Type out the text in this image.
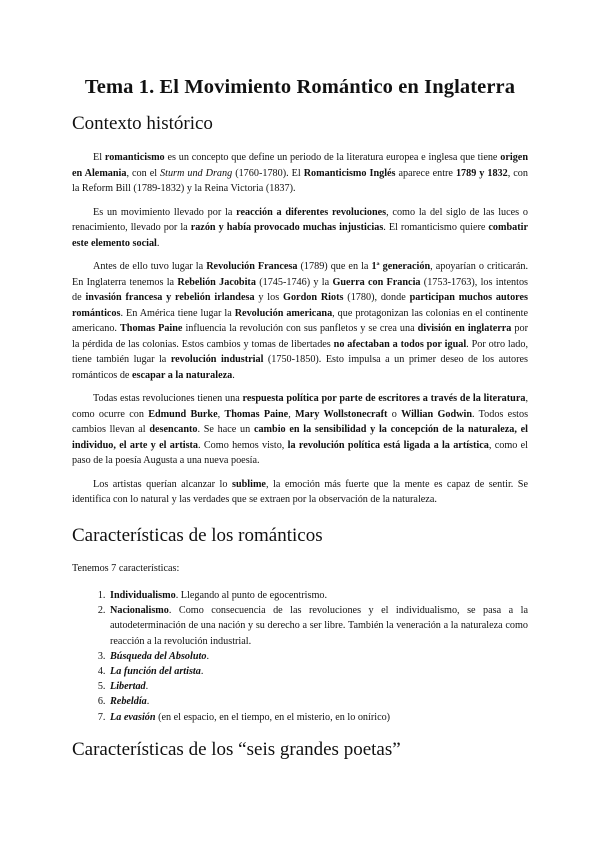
Tema 1. El Movimiento Romántico en Inglaterra
Contexto histórico

El romanticismo es un concepto que define un periodo de la literatura europea e inglesa que tiene origen en Alemania, con el Sturm und Drang (1760-1780). El Romanticismo Inglés aparece entre 1789 y 1832, con la Reform Bill (1789-1832) y la Reina Victoria (1837).

Es un movimiento llevado por la reacción a diferentes revoluciones, como la del siglo de las luces o renacimiento, llevado por la razón y había provocado muchas injusticias. El romanticismo quiere combatir este elemento social.

Antes de ello tuvo lugar la Revolución Francesa (1789) que en la 1ª generación, apoyarían o criticarán. En Inglaterra tenemos la Rebelión Jacobita (1745-1746) y la Guerra con Francia (1753-1763), los intentos de invasión francesa y rebelión irlandesa y los Gordon Riots (1780), donde participan muchos autores románticos. En América tiene lugar la Revolución americana, que protagonizan las colonias en el continente americano. Thomas Paine influencia la revolución con sus panfletos y se crea una división en inglaterra por la pérdida de las colonias. Estos cambios y tomas de libertades no afectaban a todos por igual. Por otro lado, tiene también lugar la revolución industrial (1750-1850). Esto impulsa a un primer deseo de los autores románticos de escapar a la naturaleza.

Todas estas revoluciones tienen una respuesta política por parte de escritores a través de la literatura, como ocurre con Edmund Burke, Thomas Paine, Mary Wollstonecraft o Willian Godwin. Todos estos cambios llevan al desencanto. Se hace un cambio en la sensibilidad y la concepción de la naturaleza, el individuo, el arte y el artista. Como hemos visto, la revolución política está ligada a la artística, como el paso de la poesía Augusta a una nueva poesía.

Los artistas querían alcanzar lo sublime, la emoción más fuerte que la mente es capaz de sentir. Se identifica con lo natural y las verdades que se extraen por la observación de la naturaleza.

Características de los románticos

Tenemos 7 características:

1. Individualismo. Llegando al punto de egocentrismo.
2. Nacionalismo. Como consecuencia de las revoluciones y el individualismo, se pasa a la autodeterminación de una nación y su derecho a ser libre. También la veneración a la naturaleza como reacción a la revolución industrial.
3. Búsqueda del Absoluto.
4. La función del artista.
5. Libertad.
6. Rebeldía.
7. La evasión (en el espacio, en el tiempo, en el misterio, en lo onírico)
Características de los “seis grandes poetas”
